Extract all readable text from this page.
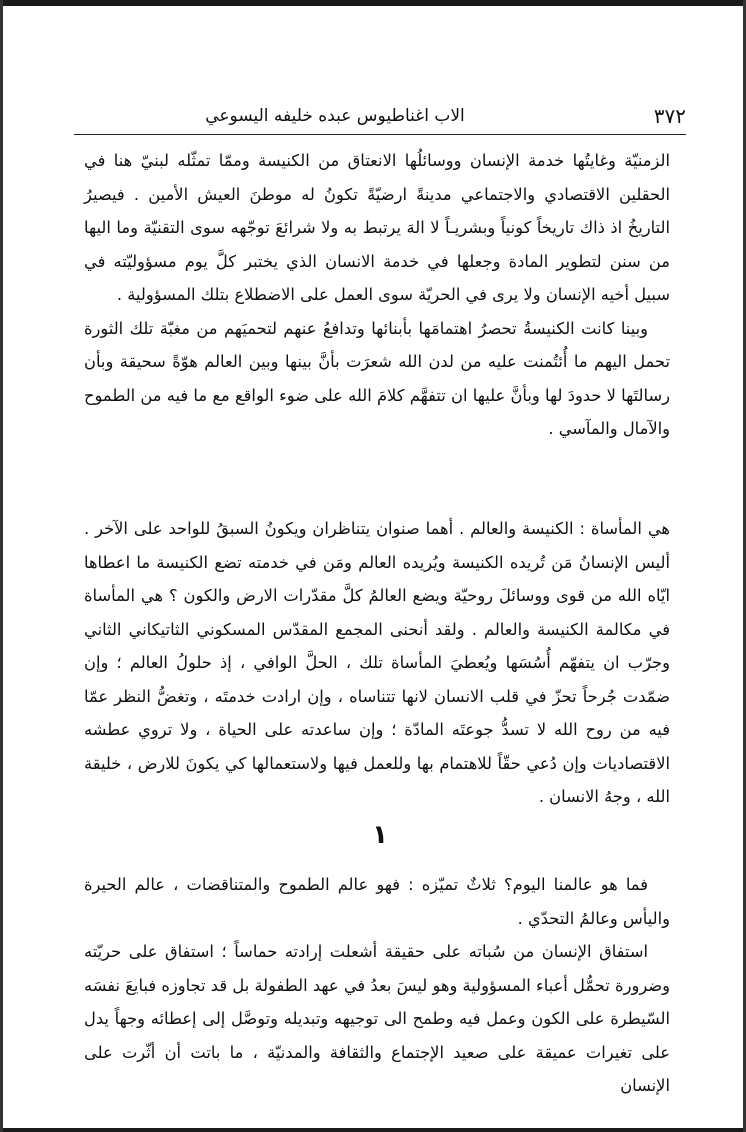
٣٧٢
الاب اغناطيوس عبده خليفه اليسوعي

الزمنيّة وغايتُها خدمة الإنسان ووسائلُها الانعتاق من الكنيسة وممّا تمثّله لبنيّ هنا في الحقلين الاقتصادي والاجتماعي مدينةً ارضيّةً تكونُ له موطنَ العيش الأمين . فيصيرُ التاريخُ اذ ذاك تاريخاً كونياً وبشريـاً لا الهَ يرتبط به ولا شرائعَ توجّهه سوى التقنيّة وما اليها من سنن لتطوير المادة وجعلها في خدمة الانسان الذي يختبر كلَّ يوم مسؤوليّته في سبيل أخيه الإنسان ولا يرى في الحريّة سوى العمل على الاضطلاع بتلك المسؤولية .

وبينا كانت الكنيسةُ تحصرُ اهتمامَها بأبنائها وتدافعُ عنهم لتحميَهم من مغبّة تلك الثورة تحمل اليهم ما أُئتُمنت عليه من لدن الله شعرَت بأنَّ بينها وبين العالم هوّةً سحيقة وبأن رسالتَها لا حدودَ لها وبأنَّ عليها ان تتفهَّم كلامَ الله على ضوء الواقع مع ما فيه من الطموح والآمال والمآسي .

هي المأساة : الكنيسة والعالم . أهما صنوان يتناظران ويكونُ السبقُ للواحد على الآخر . أليس الإنسانُ مَن تُريده الكنيسة ويُريده العالم ومَن في خدمته تضع الكنيسة ما اعطاها ايّاه الله من قوى ووسائلَ روحيّة ويضع العالمُ كلَّ مقدّرات الارض والكون ؟ هي المأساة في مكالمة الكنيسة والعالم . ولقد أنحنى المجمع المقدّس المسكوني الثاتيكاني الثاني وجرّب ان يتفهّم أُسُسَها ويُعطيَ المأساة تلك ، الحلَّ الوافي ، إذ حلولُ العالم ؛ وإن ضمّدت جُرحاً تحزّ في قلب الانسان لانها تتناساه ، وإن ارادت خدمتَه ، وتغضُّ النظر عمّا فيه من روح الله لا تسدُّ جوعتَه المادّة ؛ وإن ساعدته على الحياة ، ولا تروي عطشه الاقتصاديات وإن دُعي حقّاً للاهتمام بها وللعمل فيها ولاستعمالها كي يكونَ للارض ، خليقة الله ، وجهُ الانسان .

١

فما هو عالمنا اليوم؟ ثلاثٌ تميّزه : فهو عالم الطموح والمتناقضات ، عالم الحيرة واليأس وعالمُ التحدّي .

استفاق الإنسان من سُباته على حقيقة أشعلت إرادته حماساً ؛ استفاق على حريّته وضرورة تحمُّل أعباء المسؤولية وهو ليسَ بعدُ في عهد الطفولة بل قد تجاوزه فبايعَ نفسَه السّيطرة على الكون وعمل فيه وطمح الى توجيهه وتبديله وتوصَّل إلى إعطائه وجهاً يدل على تغيرات عميقة على صعيد الإجتماع والثقافة والمدنيّة ، ما باتت أن أثّرت على الإنسان
